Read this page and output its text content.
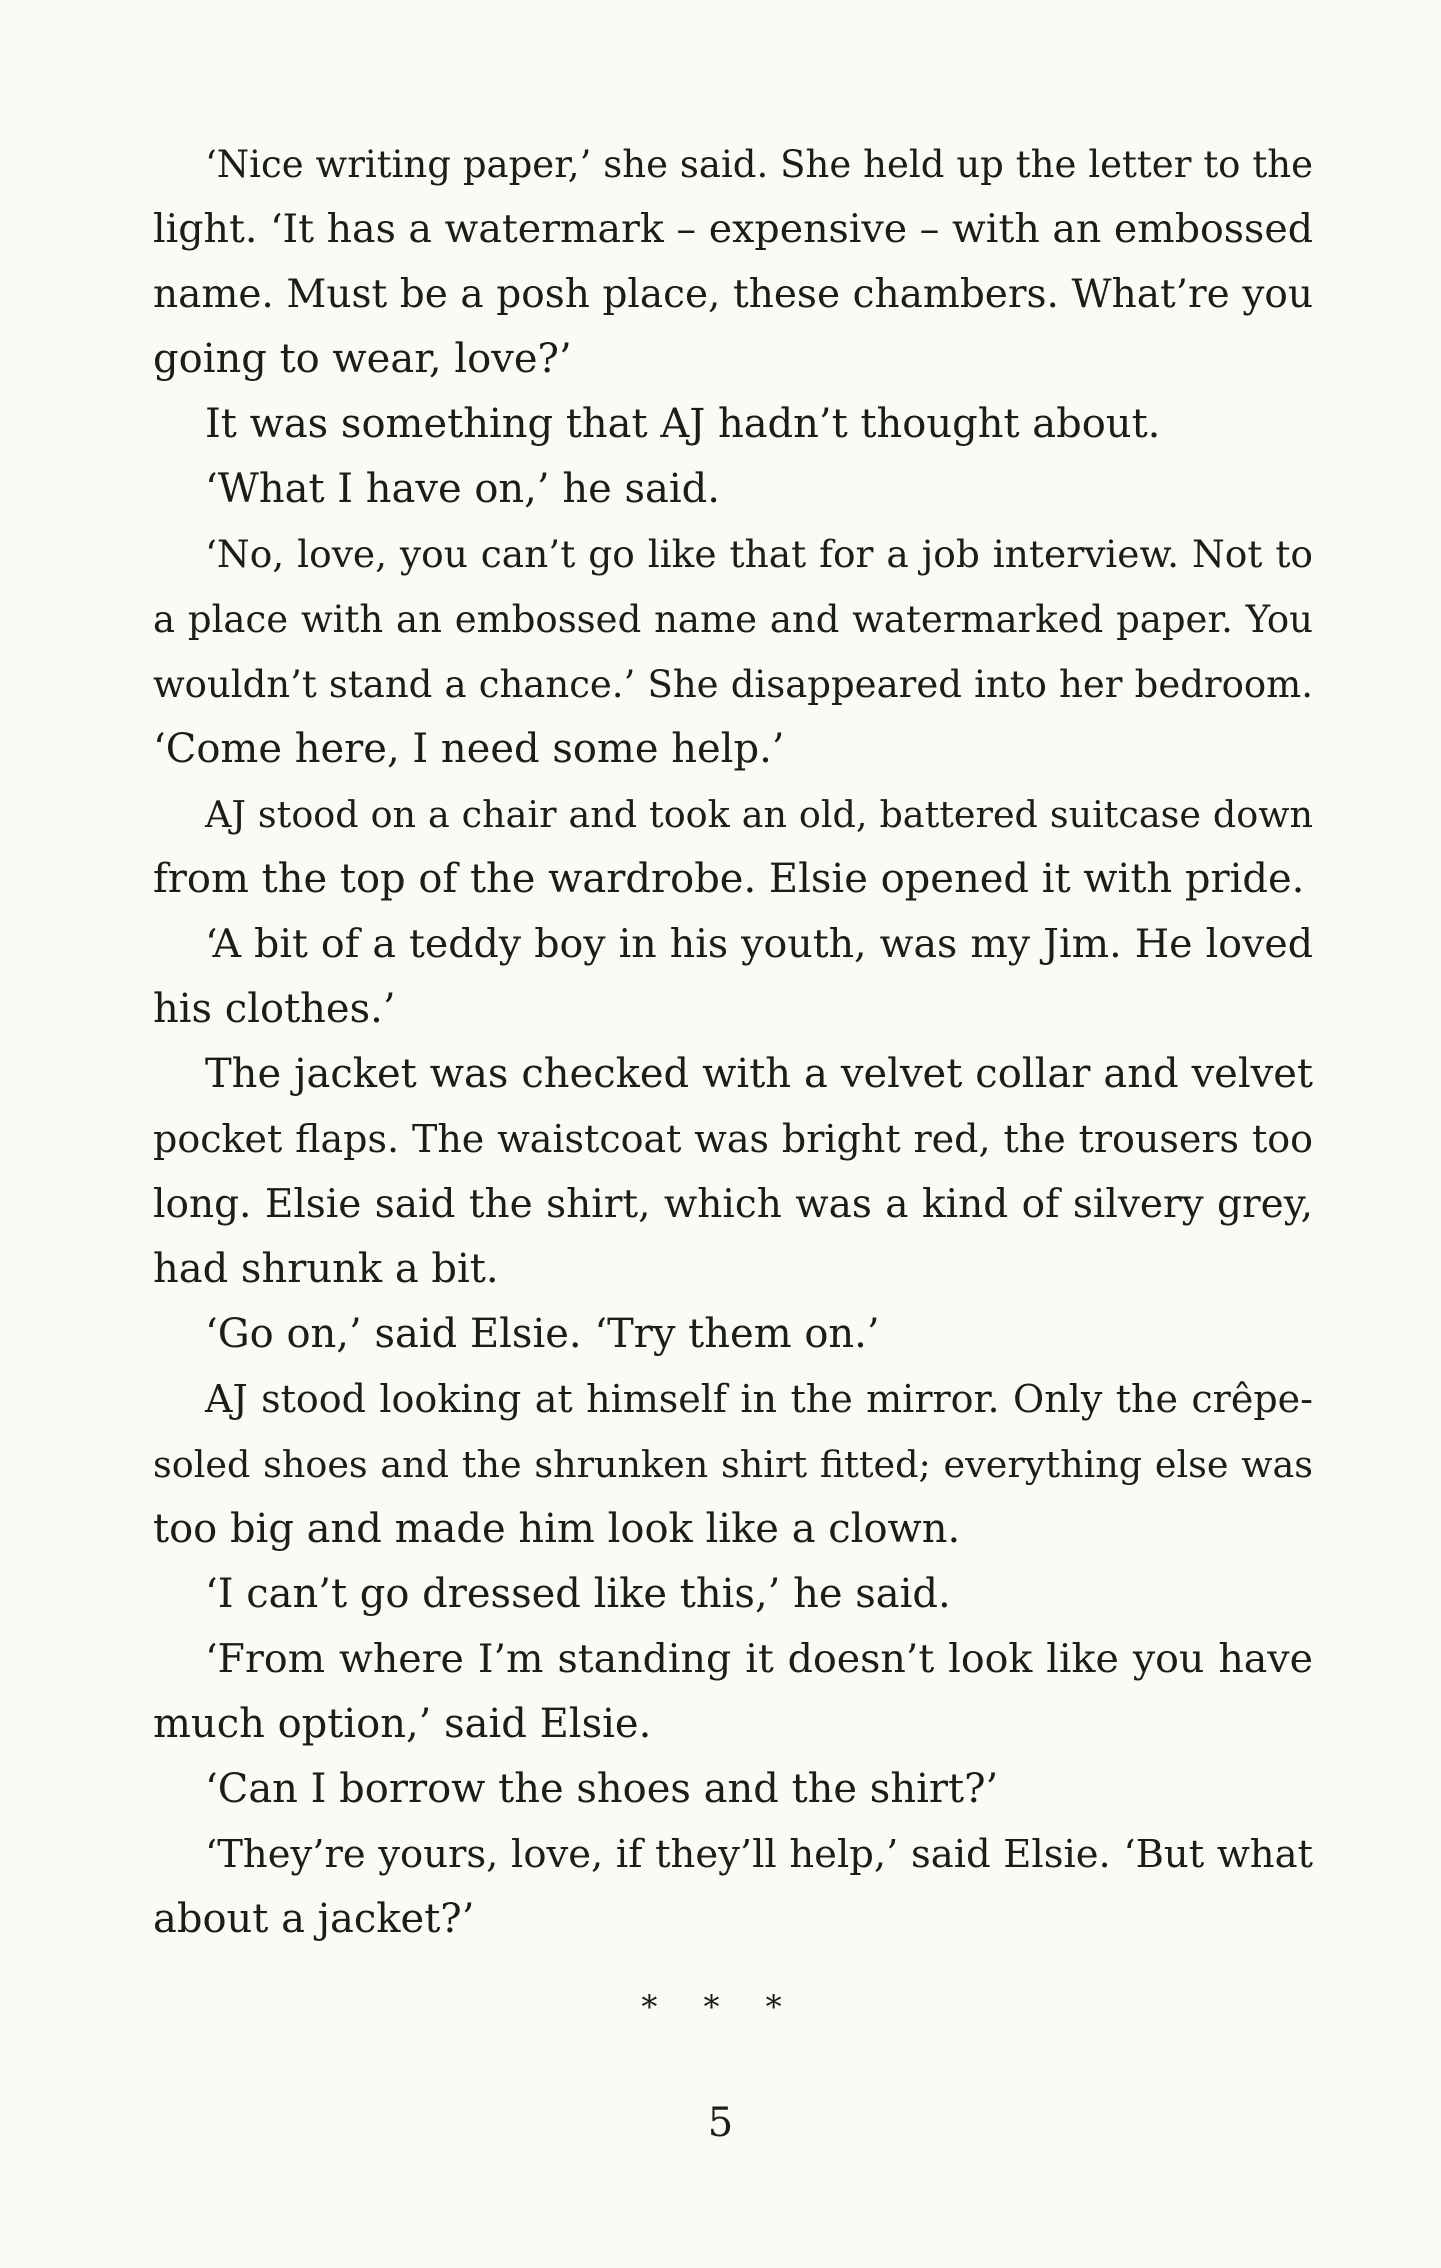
‘Nice writing paper,’ she said. She held up the letter to the
light. ‘It has a watermark – expensive – with an embossed
name. Must be a posh place, these chambers. What’re you
going to wear, love?’
It was something that AJ hadn’t thought about.
‘What I have on,’ he said.
‘No, love, you can’t go like that for a job interview. Not to
a place with an embossed name and watermarked paper. You
wouldn’t stand a chance.’ She disappeared into her bedroom.
‘Come here, I need some help.’
AJ stood on a chair and took an old, battered suitcase down
from the top of the wardrobe. Elsie opened it with pride.
‘A bit of a teddy boy in his youth, was my Jim. He loved
his clothes.’
The jacket was checked with a velvet collar and velvet
pocket flaps. The waistcoat was bright red, the trousers too
long. Elsie said the shirt, which was a kind of silvery grey,
had shrunk a bit.
‘Go on,’ said Elsie. ‘Try them on.’
AJ stood looking at himself in the mirror. Only the crêpe-
soled shoes and the shrunken shirt fitted; everything else was
too big and made him look like a clown.
‘I can’t go dressed like this,’ he said.
‘From where I’m standing it doesn’t look like you have
much option,’ said Elsie.
‘Can I borrow the shoes and the shirt?’
‘They’re yours, love, if they’ll help,’ said Elsie. ‘But what
about a jacket?’
* * *
5
